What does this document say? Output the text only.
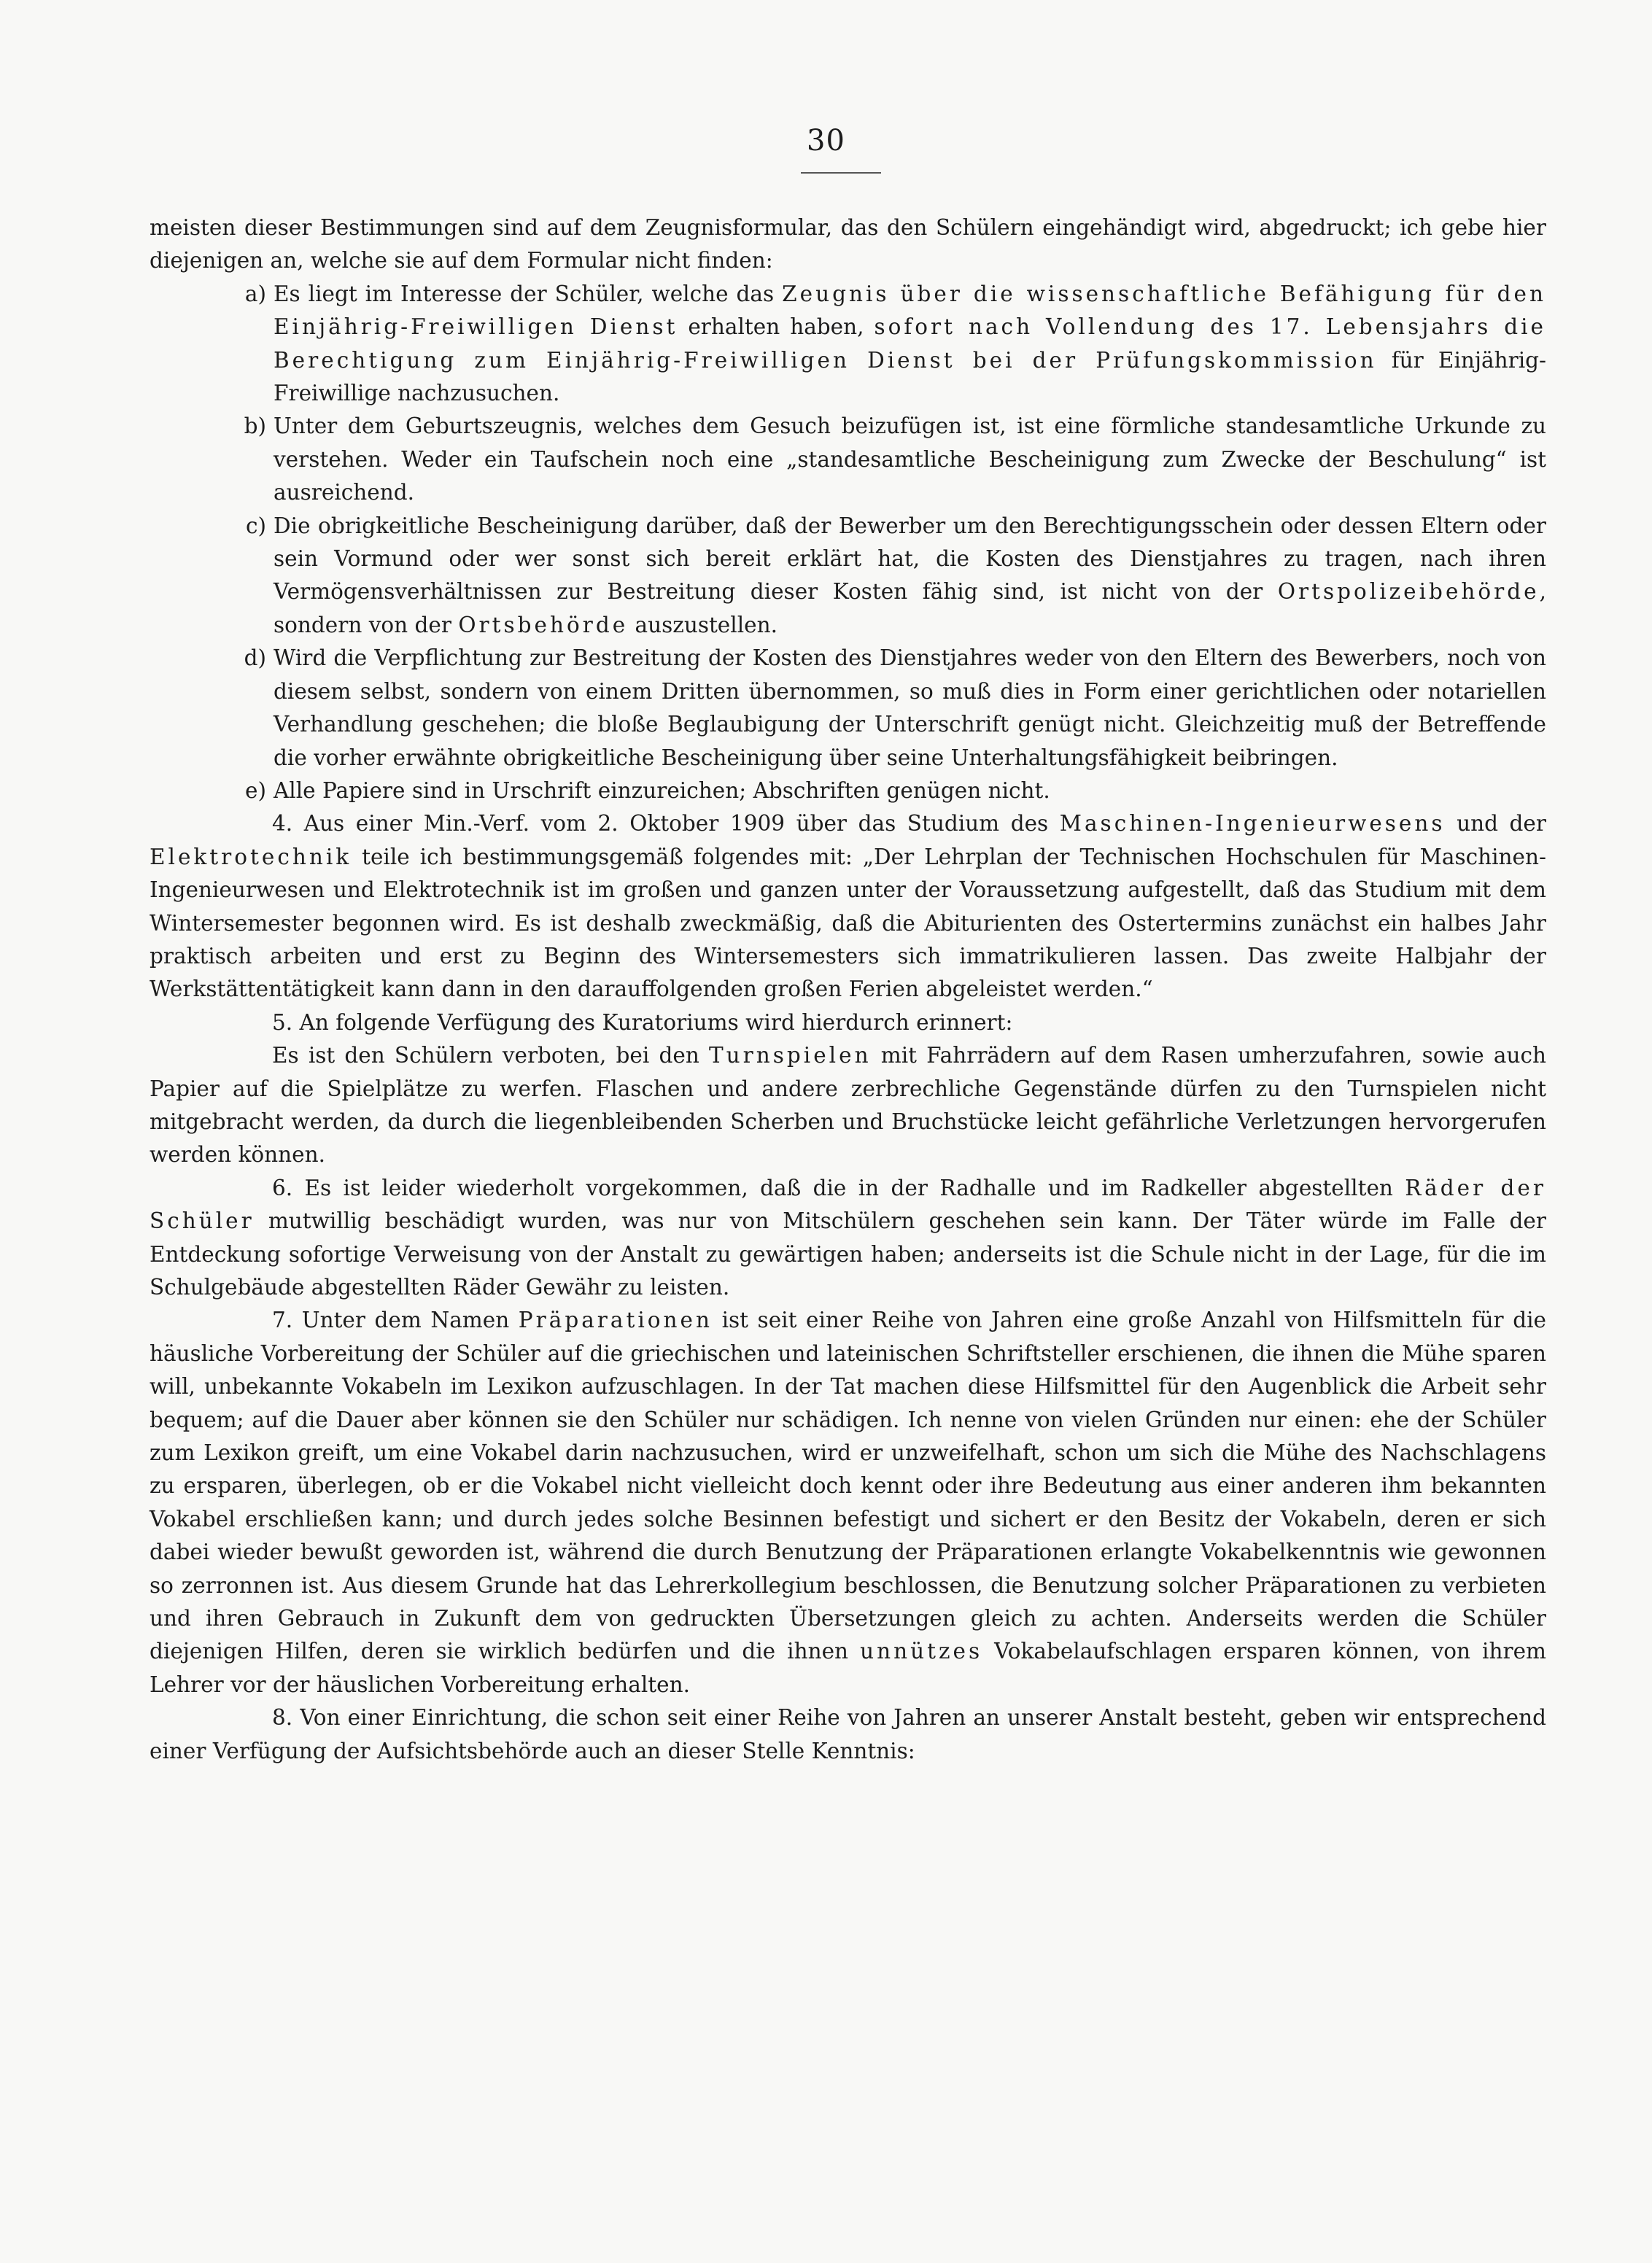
30

meisten dieser Bestimmungen sind auf dem Zeugnisformular, das den Schülern eingehändigt wird, abgedruckt; ich gebe hier diejenigen an, welche sie auf dem Formular nicht finden:

a) Es liegt im Interesse der Schüler, welche das Zeugnis über die wissenschaftliche Befähigung für den Einjährig-Freiwilligen Dienst erhalten haben, sofort nach Vollendung des 17. Lebensjahrs die Berechtigung zum Einjährig-Freiwilligen Dienst bei der Prüfungskommission für Einjährig-Freiwillige nachzusuchen.

b) Unter dem Geburtszeugnis, welches dem Gesuch beizufügen ist, ist eine förmliche standesamtliche Urkunde zu verstehen. Weder ein Taufschein noch eine „standesamtliche Bescheinigung zum Zwecke der Beschulung“ ist ausreichend.

c) Die obrigkeitliche Bescheinigung darüber, daß der Bewerber um den Berechtigungsschein oder dessen Eltern oder sein Vormund oder wer sonst sich bereit erklärt hat, die Kosten des Dienstjahres zu tragen, nach ihren Vermögensverhältnissen zur Bestreitung dieser Kosten fähig sind, ist nicht von der Ortspolizeibehörde, sondern von der Ortsbehörde auszustellen.

d) Wird die Verpflichtung zur Bestreitung der Kosten des Dienstjahres weder von den Eltern des Bewerbers, noch von diesem selbst, sondern von einem Dritten übernommen, so muß dies in Form einer gerichtlichen oder notariellen Verhandlung geschehen; die bloße Beglaubigung der Unterschrift genügt nicht. Gleichzeitig muß der Betreffende die vorher erwähnte obrigkeitliche Bescheinigung über seine Unterhaltungsfähigkeit beibringen.

e) Alle Papiere sind in Urschrift einzureichen; Abschriften genügen nicht.

4. Aus einer Min.-Verf. vom 2. Oktober 1909 über das Studium des Maschinen-Ingenieurwesens und der Elektrotechnik teile ich bestimmungsgemäß folgendes mit: „Der Lehrplan der Technischen Hochschulen für Maschinen-Ingenieurwesen und Elektrotechnik ist im großen und ganzen unter der Voraussetzung aufgestellt, daß das Studium mit dem Wintersemester begonnen wird. Es ist deshalb zweckmäßig, daß die Abiturienten des Ostertermins zunächst ein halbes Jahr praktisch arbeiten und erst zu Beginn des Wintersemesters sich immatrikulieren lassen. Das zweite Halbjahr der Werkstättentätigkeit kann dann in den darauffolgenden großen Ferien abgeleistet werden.“

5. An folgende Verfügung des Kuratoriums wird hierdurch erinnert:

Es ist den Schülern verboten, bei den Turnspielen mit Fahrrädern auf dem Rasen umherzufahren, sowie auch Papier auf die Spielplätze zu werfen. Flaschen und andere zerbrechliche Gegenstände dürfen zu den Turnspielen nicht mitgebracht werden, da durch die liegenbleibenden Scherben und Bruchstücke leicht gefährliche Verletzungen hervorgerufen werden können.

6. Es ist leider wiederholt vorgekommen, daß die in der Radhalle und im Radkeller abgestellten Räder der Schüler mutwillig beschädigt wurden, was nur von Mitschülern geschehen sein kann. Der Täter würde im Falle der Entdeckung sofortige Verweisung von der Anstalt zu gewärtigen haben; anderseits ist die Schule nicht in der Lage, für die im Schulgebäude abgestellten Räder Gewähr zu leisten.

7. Unter dem Namen Präparationen ist seit einer Reihe von Jahren eine große Anzahl von Hilfsmitteln für die häusliche Vorbereitung der Schüler auf die griechischen und lateinischen Schriftsteller erschienen, die ihnen die Mühe sparen will, unbekannte Vokabeln im Lexikon aufzuschlagen. In der Tat machen diese Hilfsmittel für den Augenblick die Arbeit sehr bequem; auf die Dauer aber können sie den Schüler nur schädigen. Ich nenne von vielen Gründen nur einen: ehe der Schüler zum Lexikon greift, um eine Vokabel darin nachzusuchen, wird er unzweifelhaft, schon um sich die Mühe des Nachschlagens zu ersparen, überlegen, ob er die Vokabel nicht vielleicht doch kennt oder ihre Bedeutung aus einer anderen ihm bekannten Vokabel erschließen kann; und durch jedes solche Besinnen befestigt und sichert er den Besitz der Vokabeln, deren er sich dabei wieder bewußt geworden ist, während die durch Benutzung der Präparationen erlangte Vokabelkenntnis wie gewonnen so zerronnen ist. Aus diesem Grunde hat das Lehrerkollegium beschlossen, die Benutzung solcher Präparationen zu verbieten und ihren Gebrauch in Zukunft dem von gedruckten Übersetzungen gleich zu achten. Anderseits werden die Schüler diejenigen Hilfen, deren sie wirklich bedürfen und die ihnen unnützes Vokabelaufschlagen ersparen können, von ihrem Lehrer vor der häuslichen Vorbereitung erhalten.

8. Von einer Einrichtung, die schon seit einer Reihe von Jahren an unserer Anstalt besteht, geben wir entsprechend einer Verfügung der Aufsichtsbehörde auch an dieser Stelle Kenntnis:
